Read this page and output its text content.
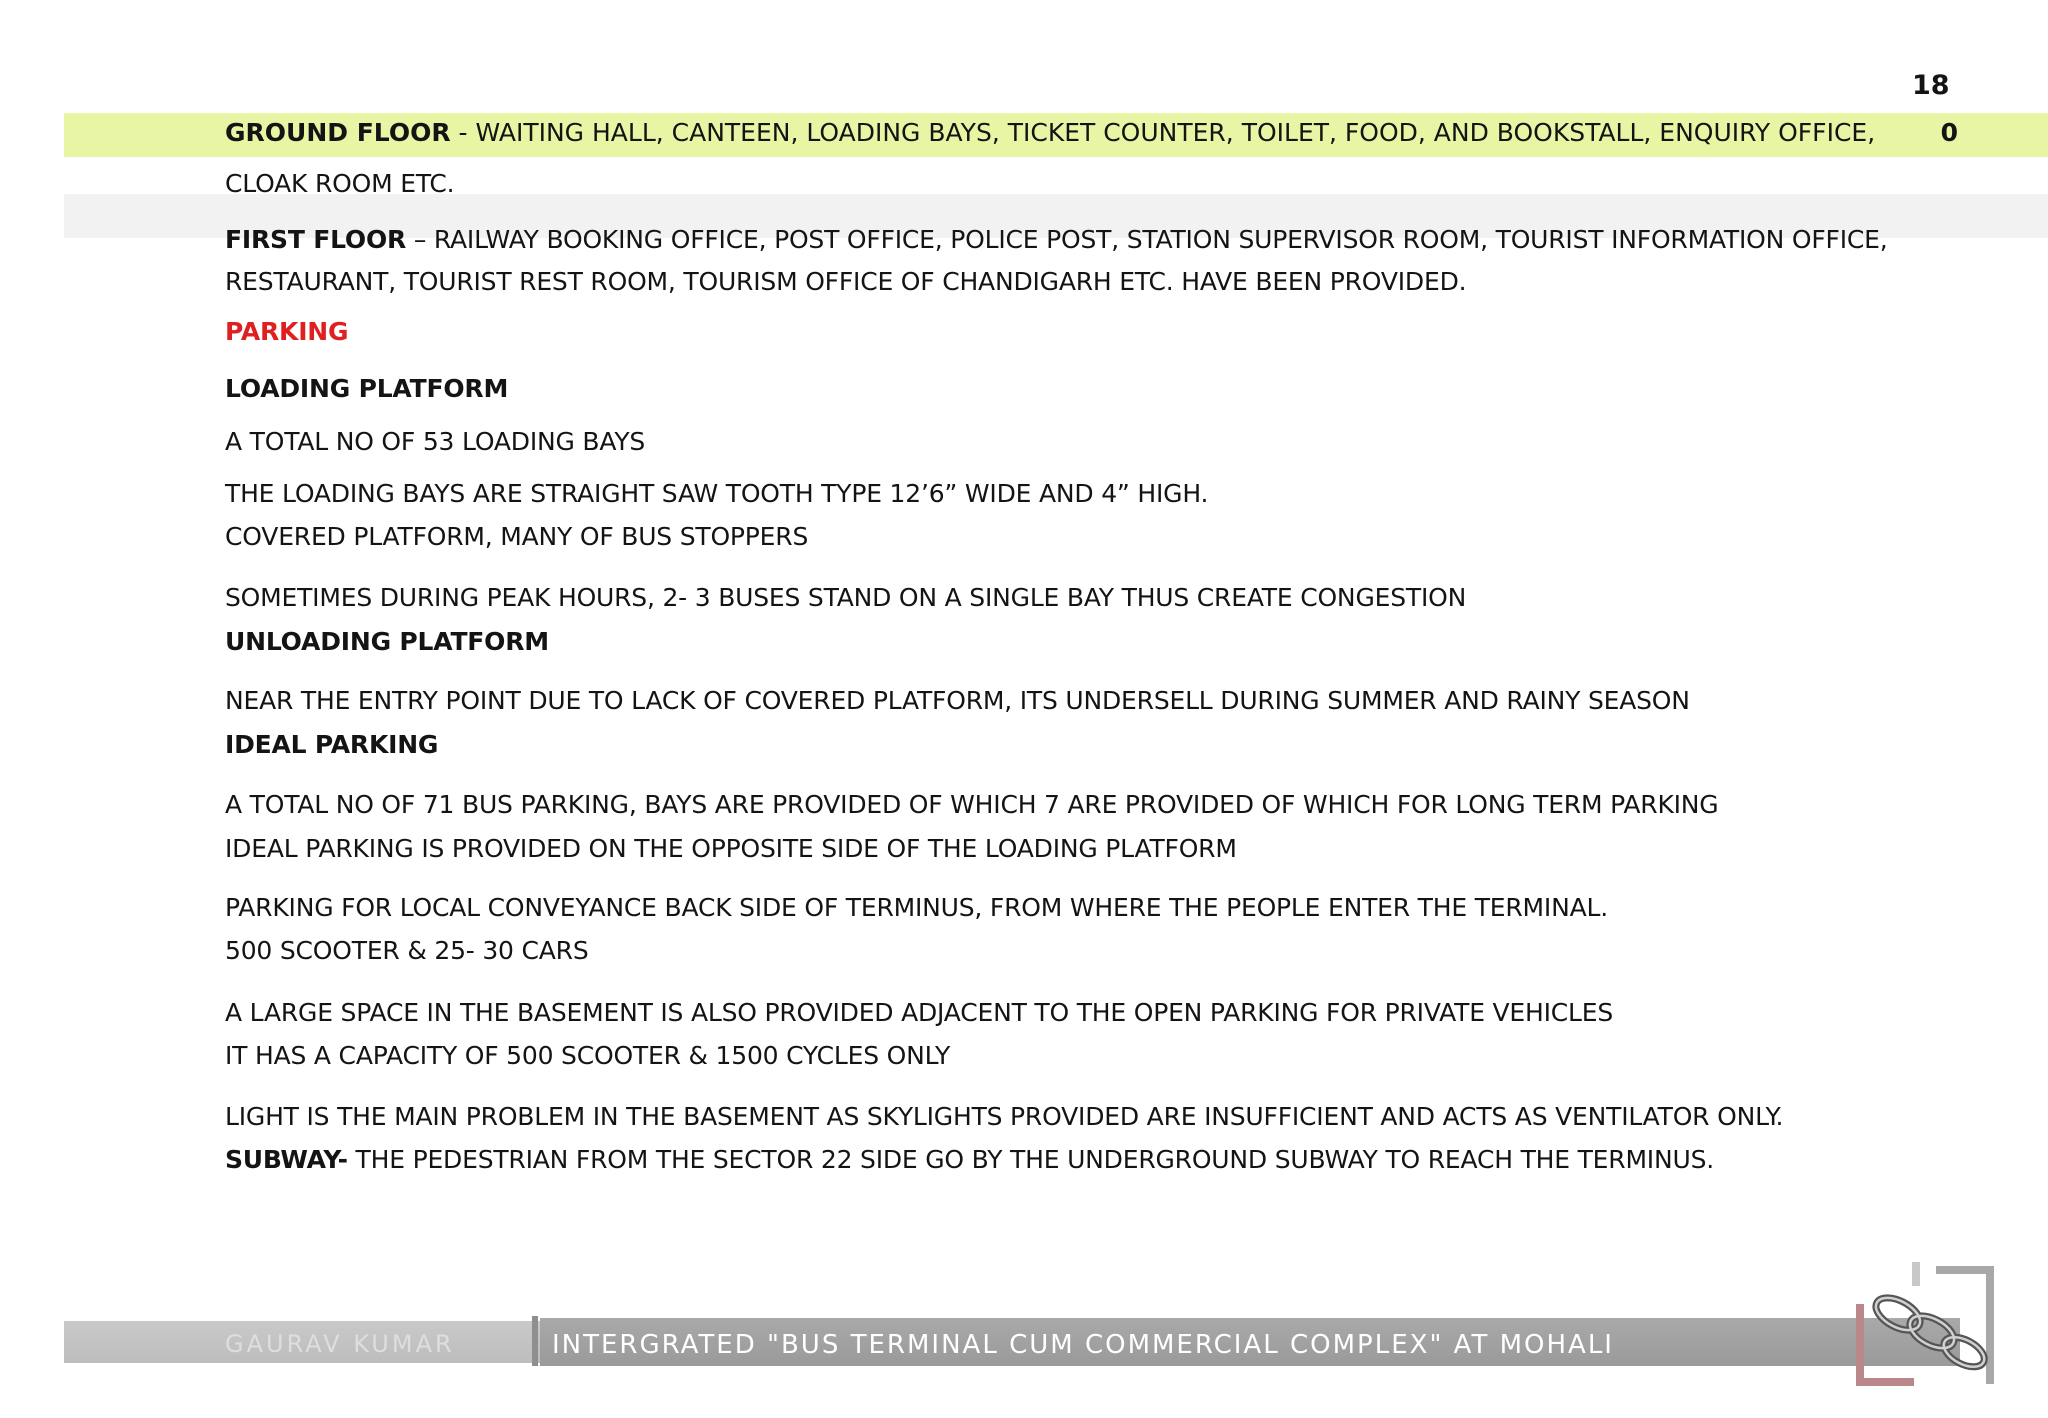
18
GROUND FLOOR - WAITING HALL, CANTEEN, LOADING BAYS, TICKET COUNTER, TOILET, FOOD, AND BOOKSTALL, ENQUIRY OFFICE,	0
CLOAK ROOM ETC.
FIRST FLOOR – RAILWAY BOOKING OFFICE, POST OFFICE, POLICE POST, STATION SUPERVISOR ROOM, TOURIST INFORMATION OFFICE,
RESTAURANT, TOURIST REST ROOM, TOURISM OFFICE OF CHANDIGARH ETC. HAVE BEEN PROVIDED.
PARKING
LOADING PLATFORM
A TOTAL NO OF 53 LOADING BAYS
THE LOADING BAYS ARE STRAIGHT SAW TOOTH TYPE 12’6” WIDE AND 4” HIGH.
COVERED PLATFORM, MANY OF BUS STOPPERS
SOMETIMES DURING PEAK HOURS, 2- 3 BUSES STAND ON A SINGLE BAY THUS CREATE CONGESTION
UNLOADING PLATFORM
NEAR THE ENTRY POINT DUE TO LACK OF COVERED PLATFORM, ITS UNDERSELL DURING SUMMER AND RAINY SEASON
IDEAL PARKING
A TOTAL NO OF 71 BUS PARKING, BAYS ARE PROVIDED OF WHICH 7 ARE PROVIDED OF WHICH FOR LONG TERM PARKING
IDEAL PARKING IS PROVIDED ON THE OPPOSITE SIDE OF THE LOADING PLATFORM
PARKING FOR LOCAL CONVEYANCE BACK SIDE OF TERMINUS, FROM WHERE THE PEOPLE ENTER THE TERMINAL.
500 SCOOTER & 25- 30 CARS
A LARGE SPACE IN THE BASEMENT IS ALSO PROVIDED ADJACENT TO THE OPEN PARKING FOR PRIVATE VEHICLES
IT HAS A CAPACITY OF 500 SCOOTER & 1500 CYCLES ONLY
LIGHT IS THE MAIN PROBLEM IN THE BASEMENT AS SKYLIGHTS PROVIDED ARE INSUFFICIENT AND ACTS AS VENTILATOR ONLY.
SUBWAY- THE PEDESTRIAN FROM THE SECTOR 22 SIDE GO BY THE UNDERGROUND SUBWAY TO REACH THE TERMINUS.
GAURAV KUMAR	INTERGRATED "BUS TERMINAL CUM COMMERCIAL COMPLEX" AT MOHALI
